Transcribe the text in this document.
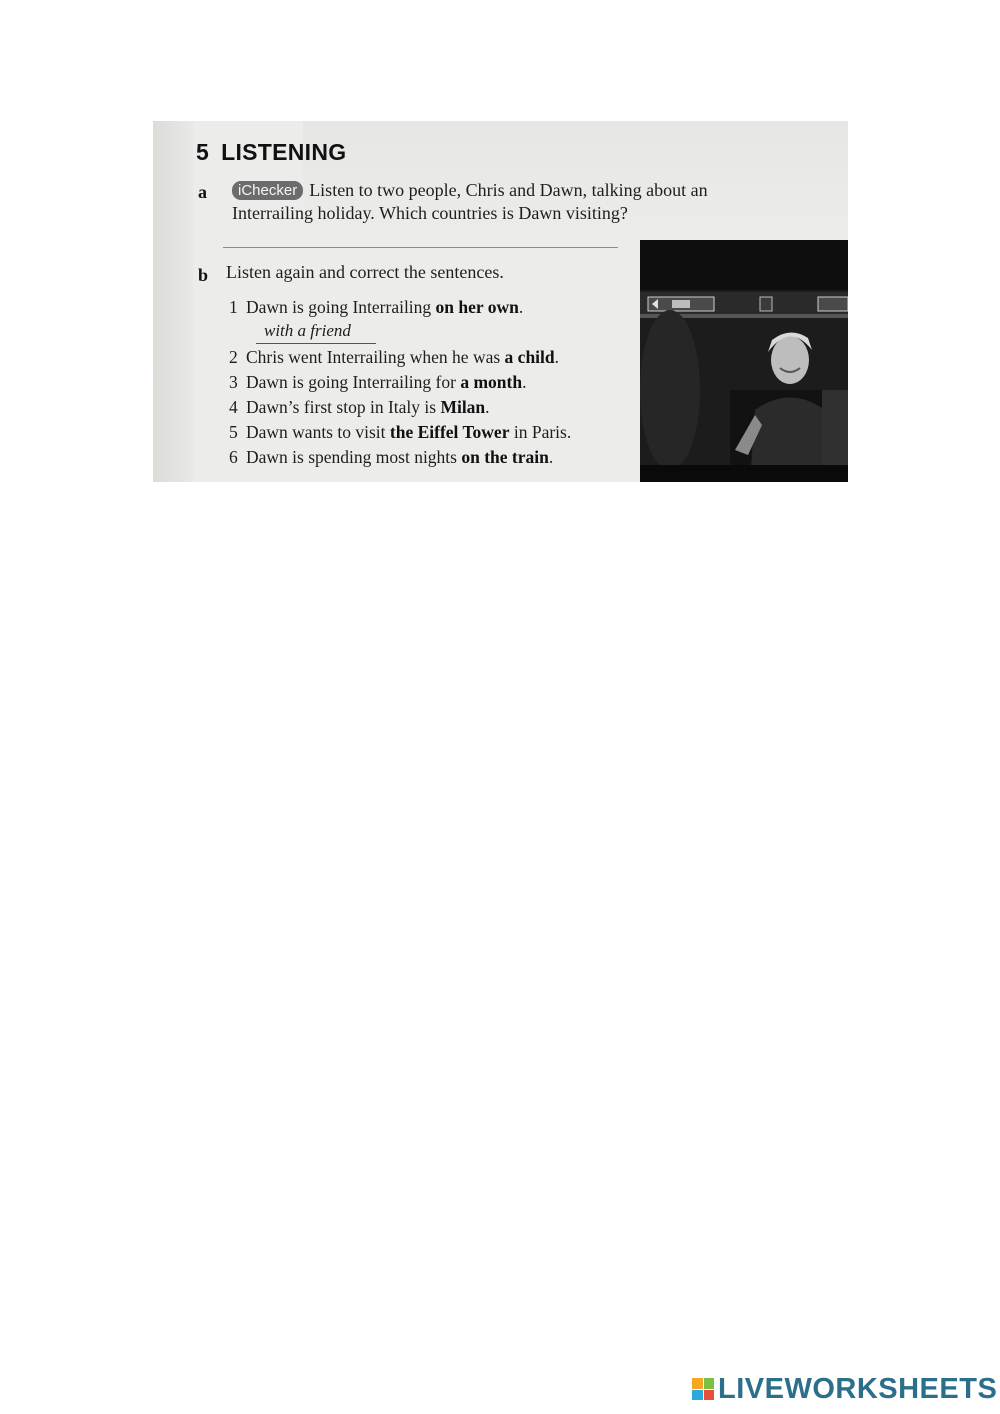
5 LISTENING
a	iChecker Listen to two people, Chris and Dawn, talking about an Interrailing holiday. Which countries is Dawn visiting?
b Listen again and correct the sentences.
1 Dawn is going Interrailing on her own.
with a friend
2 Chris went Interrailing when he was a child.
3 Dawn is going Interrailing for a month.
4 Dawn’s first stop in Italy is Milan.
5 Dawn wants to visit the Eiffel Tower in Paris.
6 Dawn is spending most nights on the train.
LIVEWORKSHEETS
